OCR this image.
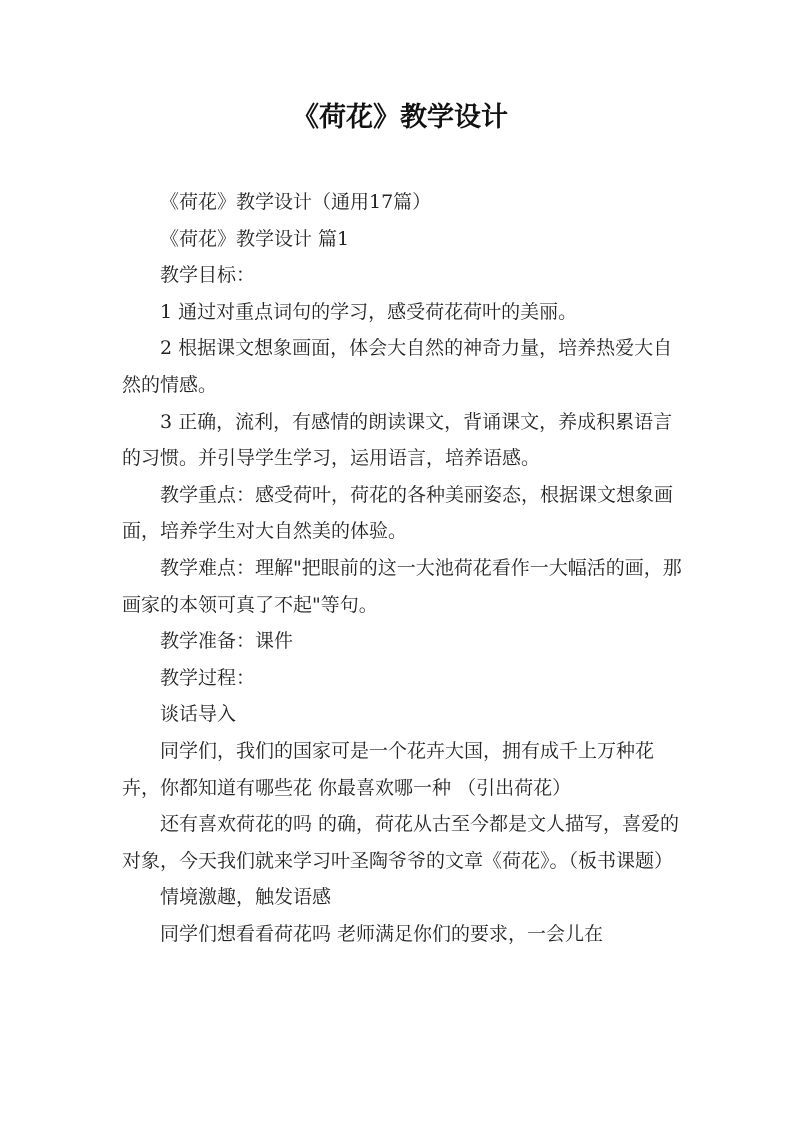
《荷花》教学设计

《荷花》教学设计（通用17篇）

《荷花》教学设计 篇1

教学目标：

1 通过对重点词句的学习，感受荷花荷叶的美丽。

2 根据课文想象画面，体会大自然的神奇力量，培养热爱大自然的情感。

3 正确，流利，有感情的朗读课文，背诵课文，养成积累语言的习惯。并引导学生学习，运用语言，培养语感。

教学重点：感受荷叶，荷花的各种美丽姿态，根据课文想象画面，培养学生对大自然美的体验。

教学难点：理解"把眼前的这一大池荷花看作一大幅活的画，那画家的本领可真了不起"等句。

教学准备：课件

教学过程：

谈话导入

同学们，我们的国家可是一个花卉大国，拥有成千上万种花卉，你都知道有哪些花 你最喜欢哪一种 （引出荷花）

还有喜欢荷花的吗 的确，荷花从古至今都是文人描写，喜爱的对象，今天我们就来学习叶圣陶爷爷的文章《荷花》。（板书课题）

情境激趣，触发语感

同学们想看看荷花吗 老师满足你们的要求，一会儿在
